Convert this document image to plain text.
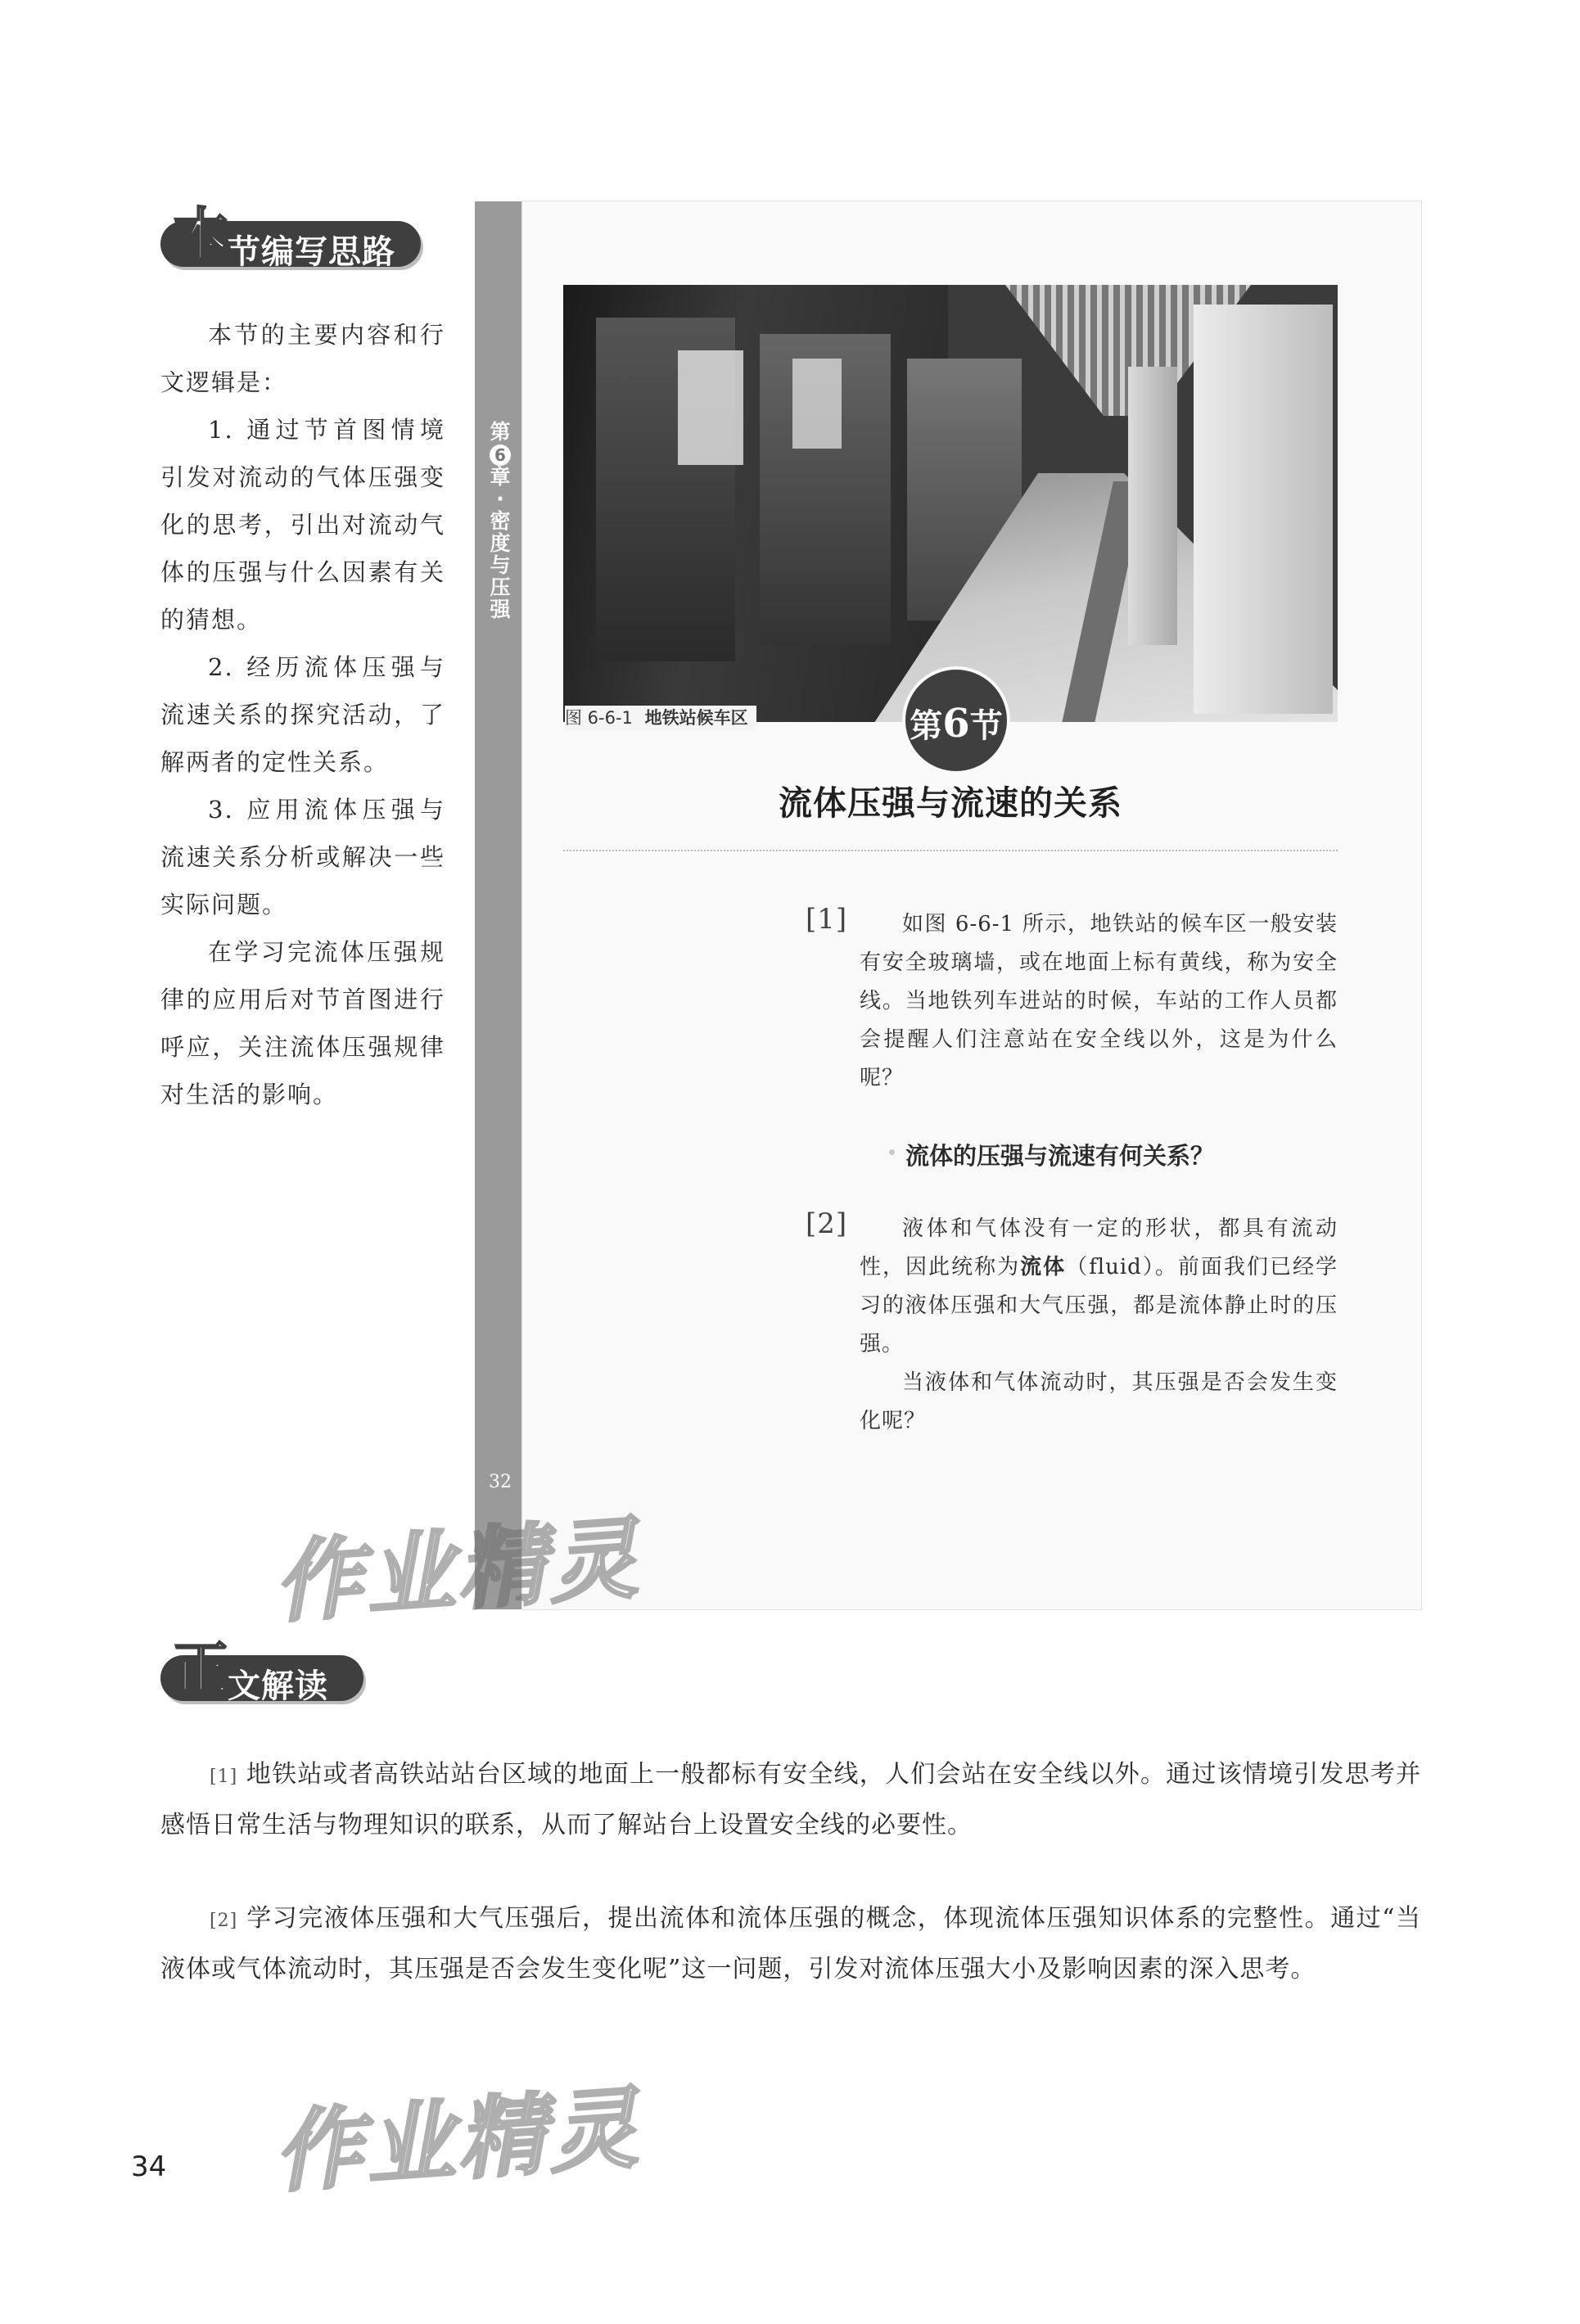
本
节编写思路

本节的主要内容和行文逻辑是：

1. 通过节首图情境引发对流动的气体压强变化的思考，引出对流动气体的压强与什么因素有关的猜想。

2. 经历流体压强与流速关系的探究活动，了解两者的定性关系。

3. 应用流体压强与流速关系分析或解决一些实际问题。

在学习完流体压强规律的应用后对节首图进行呼应，关注流体压强规律对生活的影响。

第
6
章
·
密度与压强
32
图 6-6-1 地铁站候车区	第6节
流体压强与流速的关系
[1]	如图 6-6-1 所示，地铁站的候车区一般安装有安全玻璃墙，或在地面上标有黄线，称为安全线。当地铁列车进站的时候，车站的工作人员都会提醒人们注意站在安全线以外，这是为什么呢？

流体的压强与流速有何关系？
[2]	液体和气体没有一定的形状，都具有流动性，因此统称为流体（fluid）。前面我们已经学习的液体压强和大气压强，都是流体静止时的压强。

当液体和气体流动时，其压强是否会发生变化呢？

作业精灵
正
文解读

[1] 地铁站或者高铁站站台区域的地面上一般都标有安全线，人们会站在安全线以外。通过该情境引发思考并感悟日常生活与物理知识的联系，从而了解站台上设置安全线的必要性。

[2] 学习完液体压强和大气压强后，提出流体和流体压强的概念，体现流体压强知识体系的完整性。通过“当液体或气体流动时，其压强是否会发生变化呢”这一问题，引发对流体压强大小及影响因素的深入思考。

作业精灵
34
